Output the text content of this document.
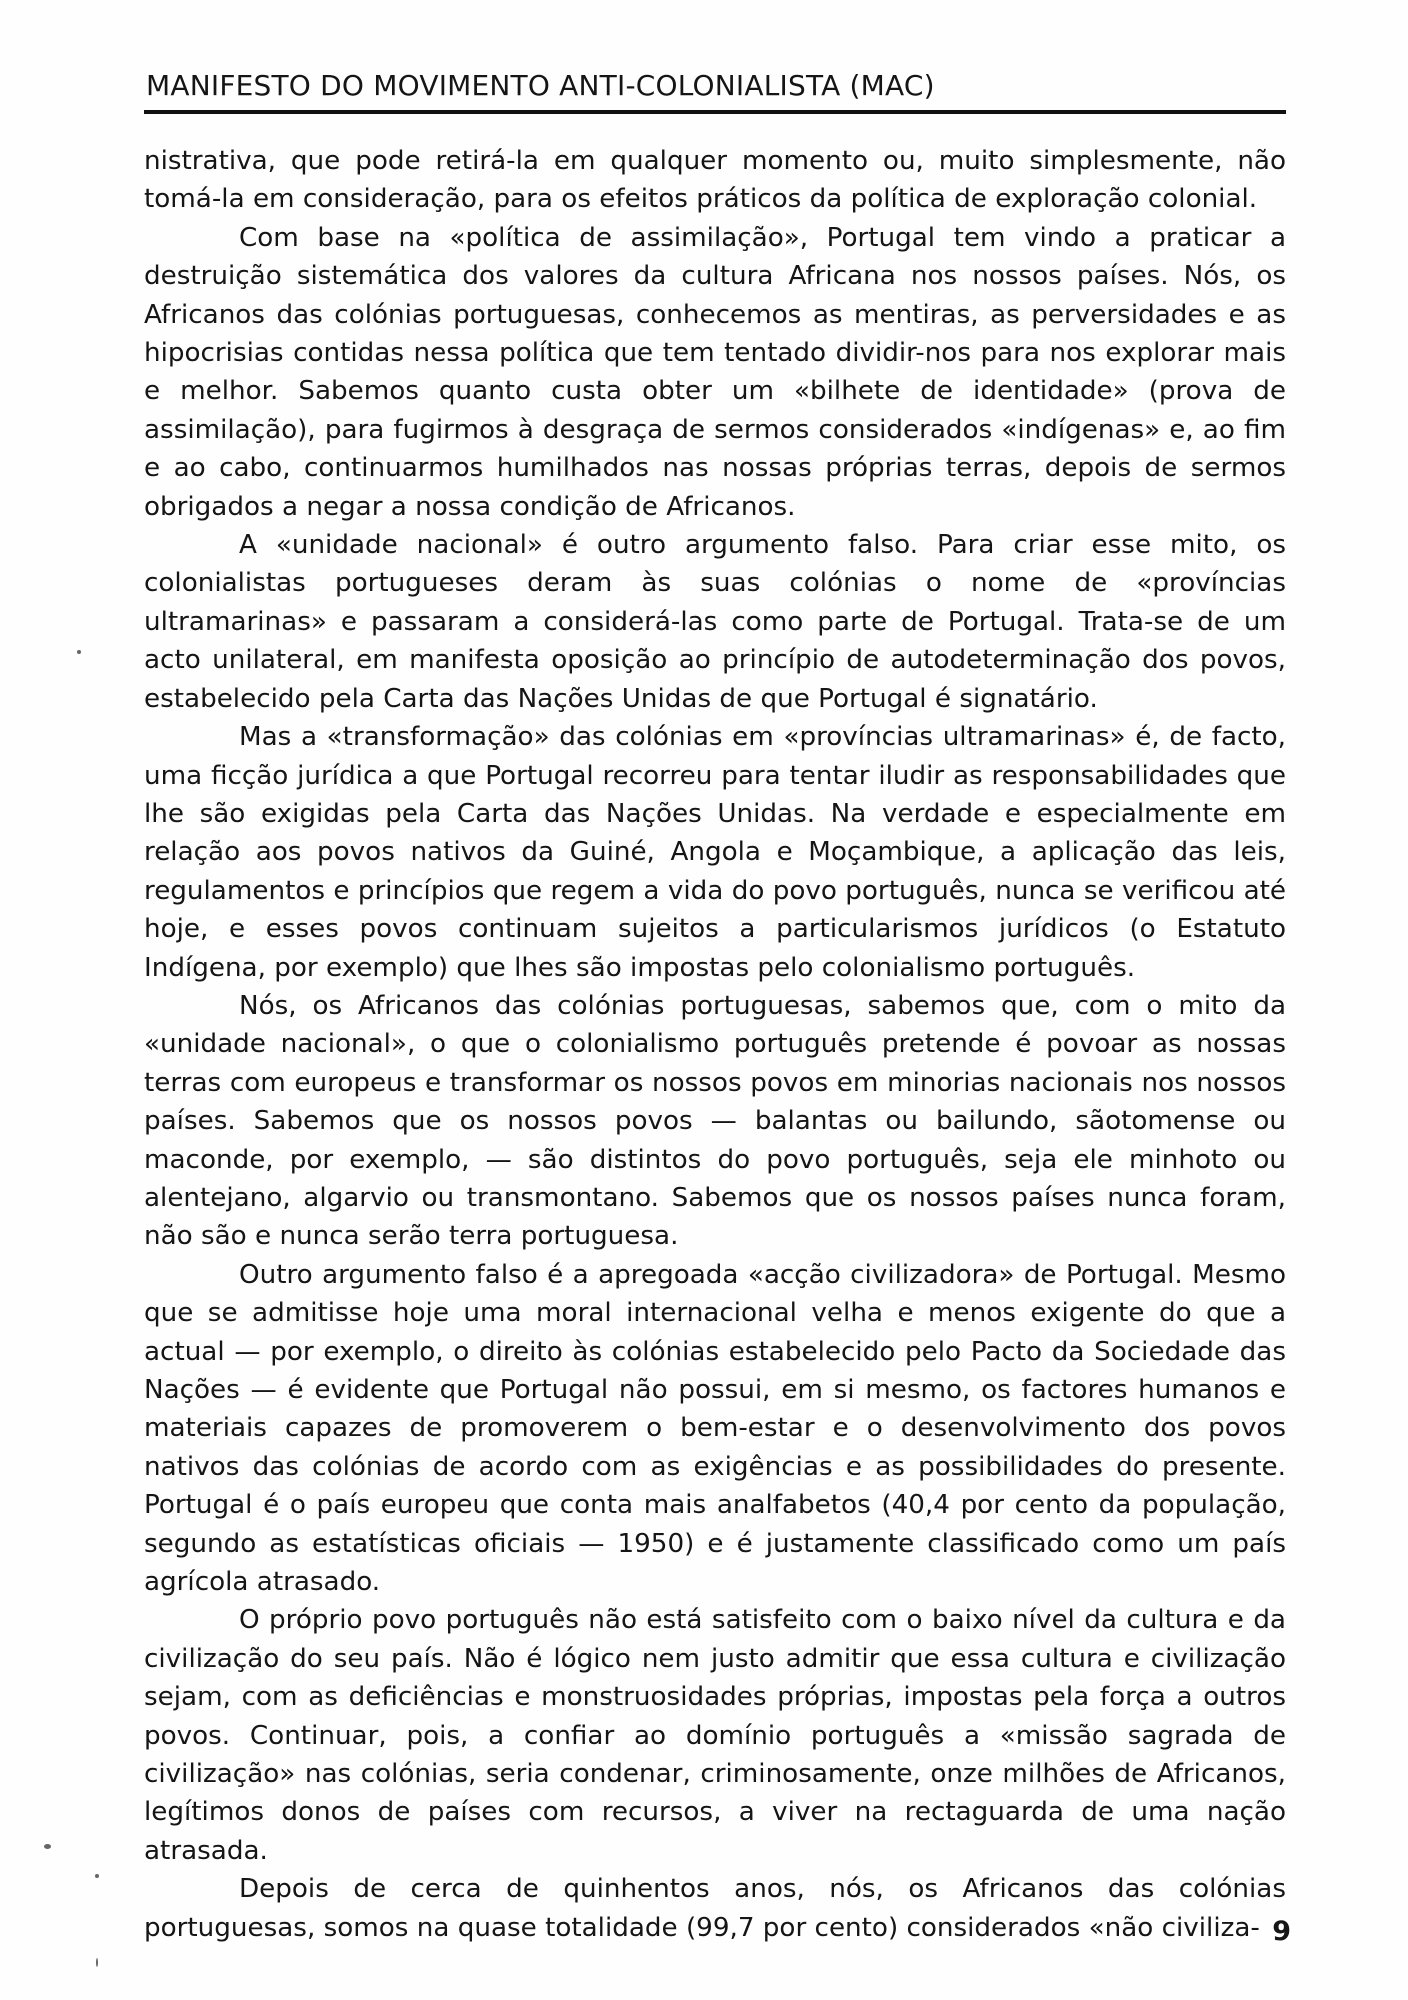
MANIFESTO DO MOVIMENTO ANTI-COLONIALISTA (MAC)

nistrativa, que pode retirá-la em qualquer momento ou, muito simplesmente, não tomá-la em consideração, para os efeitos práticos da política de exploração colonial.

Com base na «política de assimilação», Portugal tem vindo a praticar a destruição sistemática dos valores da cultura Africana nos nossos países. Nós, os Africanos das colónias portuguesas, conhecemos as mentiras, as perversidades e as hipocrisias contidas nessa política que tem tentado dividir-nos para nos explorar mais e melhor. Sabemos quanto custa obter um «bilhete de identidade» (prova de assimilação), para fugirmos à desgraça de sermos considerados «indígenas» e, ao fim e ao cabo, continuarmos humilhados nas nossas próprias terras, depois de sermos obrigados a negar a nossa condição de Africanos.

A «unidade nacional» é outro argumento falso. Para criar esse mito, os colonialistas portugueses deram às suas colónias o nome de «províncias ultramarinas» e passaram a considerá-las como parte de Portugal. Trata-se de um acto unilateral, em manifesta oposição ao princípio de autodeterminação dos povos, estabelecido pela Carta das Nações Unidas de que Portugal é signatário.

Mas a «transformação» das colónias em «províncias ultramarinas» é, de facto, uma ficção jurídica a que Portugal recorreu para tentar iludir as responsabilidades que lhe são exigidas pela Carta das Nações Unidas. Na verdade e especialmente em relação aos povos nativos da Guiné, Angola e Moçambique, a aplicação das leis, regulamentos e princípios que regem a vida do povo português, nunca se verificou até hoje, e esses povos continuam sujeitos a particularismos jurídicos (o Estatuto Indígena, por exemplo) que lhes são impostas pelo colonialismo português.

Nós, os Africanos das colónias portuguesas, sabemos que, com o mito da «unidade nacional», o que o colonialismo português pretende é povoar as nossas terras com europeus e transformar os nossos povos em minorias nacionais nos nossos países. Sabemos que os nossos povos — balantas ou bailundo, sãotomense ou maconde, por exemplo, — são distintos do povo português, seja ele minhoto ou alentejano, algarvio ou transmontano. Sabemos que os nossos países nunca foram, não são e nunca serão terra portuguesa.

Outro argumento falso é a apregoada «acção civilizadora» de Portugal. Mesmo que se admitisse hoje uma moral internacional velha e menos exigente do que a actual — por exemplo, o direito às colónias estabelecido pelo Pacto da Sociedade das Nações — é evidente que Portugal não possui, em si mesmo, os factores humanos e materiais capazes de promoverem o bem-estar e o desenvolvimento dos povos nativos das colónias de acordo com as exigências e as possibilidades do presente. Portugal é o país europeu que conta mais analfabetos (40,4 por cento da população, segundo as estatísticas oficiais — 1950) e é justamente classificado como um país agrícola atrasado.

O próprio povo português não está satisfeito com o baixo nível da cultura e da civilização do seu país. Não é lógico nem justo admitir que essa cultura e civilização sejam, com as deficiências e monstruosidades próprias, impostas pela força a outros povos. Continuar, pois, a confiar ao domínio português a «missão sagrada de civilização» nas colónias, seria condenar, criminosamente, onze milhões de Africanos, legítimos donos de países com recursos, a viver na rectaguarda de uma nação atrasada.

Depois de cerca de quinhentos anos, nós, os Africanos das colónias portuguesas, somos na quase totalidade (99,7 por cento) considerados «não civiliza- 9
